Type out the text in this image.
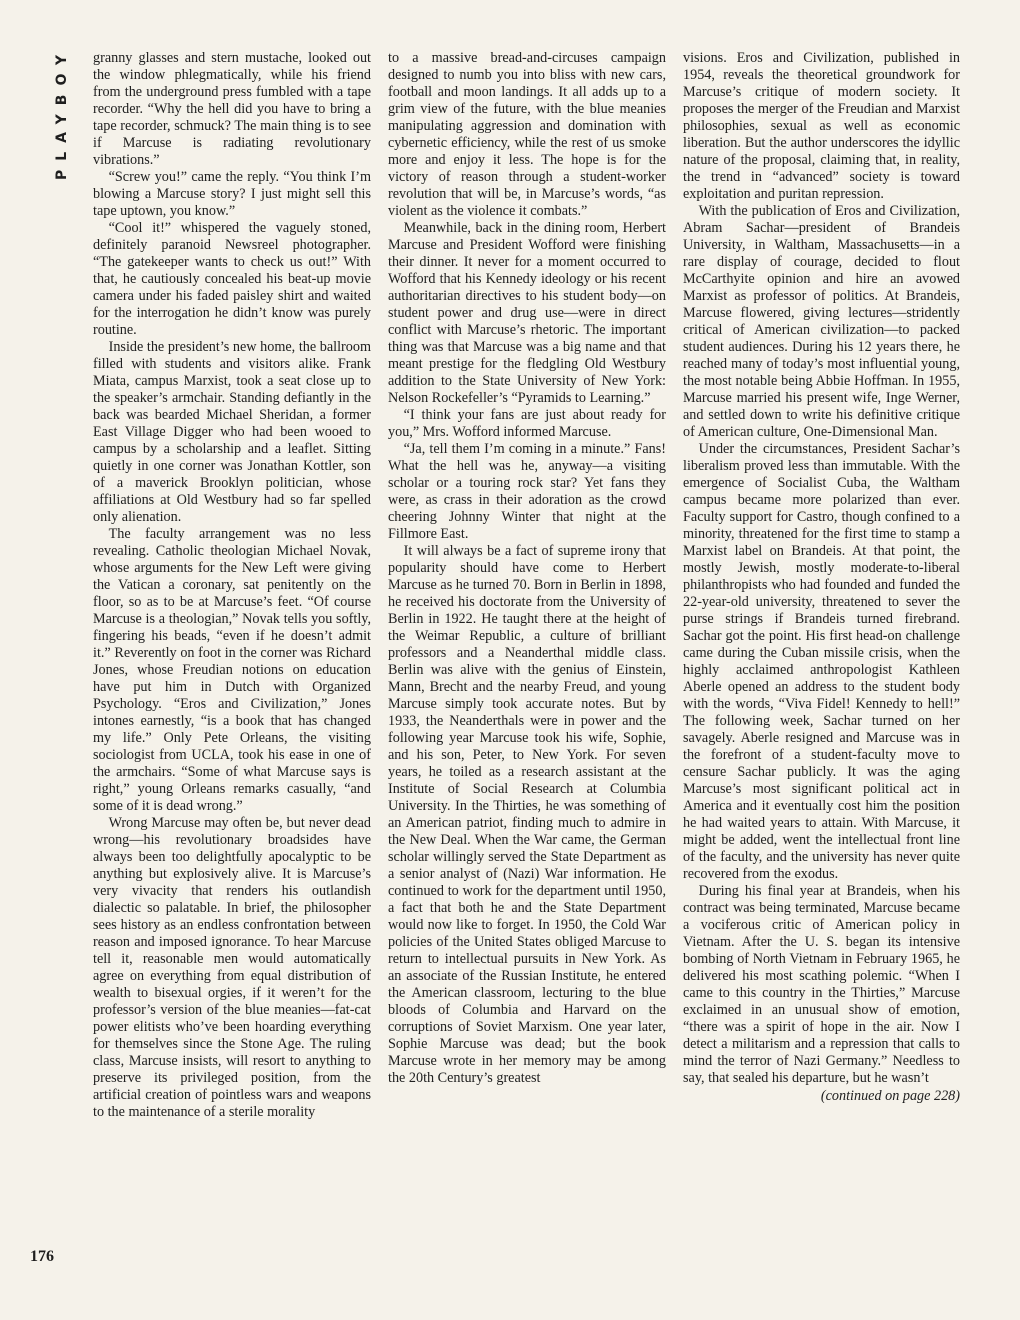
PLAYBOY granny glasses and stern mustache, looked out the window phlegmatically, while his friend from the underground press fumbled with a tape recorder. “Why the hell did you have to bring a tape recorder, schmuck? The main thing is to see if Marcuse is radiating revolutionary vibrations.”

“Screw you!” came the reply. “You think I’m blowing a Marcuse story? I just might sell this tape uptown, you know.”

“Cool it!” whispered the vaguely stoned, definitely paranoid Newsreel photographer. “The gatekeeper wants to check us out!” With that, he cautiously concealed his beat-up movie camera under his faded paisley shirt and waited for the interrogation he didn’t know was purely routine.

Inside the president’s new home, the ballroom filled with students and visitors alike. Frank Miata, campus Marxist, took a seat close up to the speaker’s armchair. Standing defiantly in the back was bearded Michael Sheridan, a former East Village Digger who had been wooed to campus by a scholarship and a leaflet. Sitting quietly in one corner was Jonathan Kottler, son of a maverick Brooklyn politician, whose affiliations at Old Westbury had so far spelled only alienation.

The faculty arrangement was no less revealing. Catholic theologian Michael Novak, whose arguments for the New Left were giving the Vatican a coronary, sat penitently on the floor, so as to be at Marcuse’s feet. “Of course Marcuse is a theologian,” Novak tells you softly, fingering his beads, “even if he doesn’t admit it.” Reverently on foot in the corner was Richard Jones, whose Freudian notions on education have put him in Dutch with Organized Psychology. “Eros and Civilization,” Jones intones earnestly, “is a book that has changed my life.” Only Pete Orleans, the visiting sociologist from UCLA, took his ease in one of the armchairs. “Some of what Marcuse says is right,” young Orleans remarks casually, “and some of it is dead wrong.”

Wrong Marcuse may often be, but never dead wrong—his revolutionary broadsides have always been too delightfully apocalyptic to be anything but explosively alive. It is Marcuse’s very vivacity that renders his outlandish dialectic so palatable. In brief, the philosopher sees history as an endless confrontation between reason and imposed ignorance. To hear Marcuse tell it, reasonable men would automatically agree on everything from equal distribution of wealth to bisexual orgies, if it weren’t for the professor’s version of the blue meanies—fat-cat power elitists who’ve been hoarding everything for themselves since the Stone Age. The ruling class, Marcuse insists, will resort to anything to preserve its privileged position, from the artificial creation of pointless wars and weapons to the maintenance of a sterile morality

to a massive bread-and-circuses campaign designed to numb you into bliss with new cars, football and moon landings. It all adds up to a grim view of the future, with the blue meanies manipulating aggression and domination with cybernetic efficiency, while the rest of us smoke more and enjoy it less. The hope is for the victory of reason through a student-worker revolution that will be, in Marcuse’s words, “as violent as the violence it combats.”

Meanwhile, back in the dining room, Herbert Marcuse and President Wofford were finishing their dinner. It never for a moment occurred to Wofford that his Kennedy ideology or his recent authoritarian directives to his student body—on student power and drug use—were in direct conflict with Marcuse’s rhetoric. The important thing was that Marcuse was a big name and that meant prestige for the fledgling Old Westbury addition to the State University of New York: Nelson Rockefeller’s “Pyramids to Learning.”

“I think your fans are just about ready for you,” Mrs. Wofford informed Marcuse.

“Ja, tell them I’m coming in a minute.” Fans! What the hell was he, anyway—a visiting scholar or a touring rock star? Yet fans they were, as crass in their adoration as the crowd cheering Johnny Winter that night at the Fillmore East.

It will always be a fact of supreme irony that popularity should have come to Herbert Marcuse as he turned 70. Born in Berlin in 1898, he received his doctorate from the University of Berlin in 1922. He taught there at the height of the Weimar Republic, a culture of brilliant professors and a Neanderthal middle class. Berlin was alive with the genius of Einstein, Mann, Brecht and the nearby Freud, and young Marcuse simply took accurate notes. But by 1933, the Neanderthals were in power and the following year Marcuse took his wife, Sophie, and his son, Peter, to New York. For seven years, he toiled as a research assistant at the Institute of Social Research at Columbia University. In the Thirties, he was something of an American patriot, finding much to admire in the New Deal. When the War came, the German scholar willingly served the State Department as a senior analyst of (Nazi) War information. He continued to work for the department until 1950, a fact that both he and the State Department would now like to forget. In 1950, the Cold War policies of the United States obliged Marcuse to return to intellectual pursuits in New York. As an associate of the Russian Institute, he entered the American classroom, lecturing to the blue bloods of Columbia and Harvard on the corruptions of Soviet Marxism. One year later, Sophie Marcuse was dead; but the book Marcuse wrote in her memory may be among the 20th Century’s greatest

visions. Eros and Civilization, published in 1954, reveals the theoretical groundwork for Marcuse’s critique of modern society. It proposes the merger of the Freudian and Marxist philosophies, sexual as well as economic liberation. But the author underscores the idyllic nature of the proposal, claiming that, in reality, the trend in “advanced” society is toward exploitation and puritan repression.

With the publication of Eros and Civilization, Abram Sachar—president of Brandeis University, in Waltham, Massachusetts—in a rare display of courage, decided to flout McCarthyite opinion and hire an avowed Marxist as professor of politics. At Brandeis, Marcuse flowered, giving lectures—stridently critical of American civilization—to packed student audiences. During his 12 years there, he reached many of today’s most influential young, the most notable being Abbie Hoffman. In 1955, Marcuse married his present wife, Inge Werner, and settled down to write his definitive critique of American culture, One-Dimensional Man.

Under the circumstances, President Sachar’s liberalism proved less than immutable. With the emergence of Socialist Cuba, the Waltham campus became more polarized than ever. Faculty support for Castro, though confined to a minority, threatened for the first time to stamp a Marxist label on Brandeis. At that point, the mostly Jewish, mostly moderate-to-liberal philanthropists who had founded and funded the 22-year-old university, threatened to sever the purse strings if Brandeis turned firebrand. Sachar got the point. His first head-on challenge came during the Cuban missile crisis, when the highly acclaimed anthropologist Kathleen Aberle opened an address to the student body with the words, “Viva Fidel! Kennedy to hell!” The following week, Sachar turned on her savagely. Aberle resigned and Marcuse was in the forefront of a student-faculty move to censure Sachar publicly. It was the aging Marcuse’s most significant political act in America and it eventually cost him the position he had waited years to attain. With Marcuse, it might be added, went the intellectual front line of the faculty, and the university has never quite recovered from the exodus.

During his final year at Brandeis, when his contract was being terminated, Marcuse became a vociferous critic of American policy in Vietnam. After the U. S. began its intensive bombing of North Vietnam in February 1965, he delivered his most scathing polemic. “When I came to this country in the Thirties,” Marcuse exclaimed in an unusual show of emotion, “there was a spirit of hope in the air. Now I detect a militarism and a repression that calls to mind the terror of Nazi Germany.” Needless to say, that sealed his departure, but he wasn’t

(continued on page 228)

176
